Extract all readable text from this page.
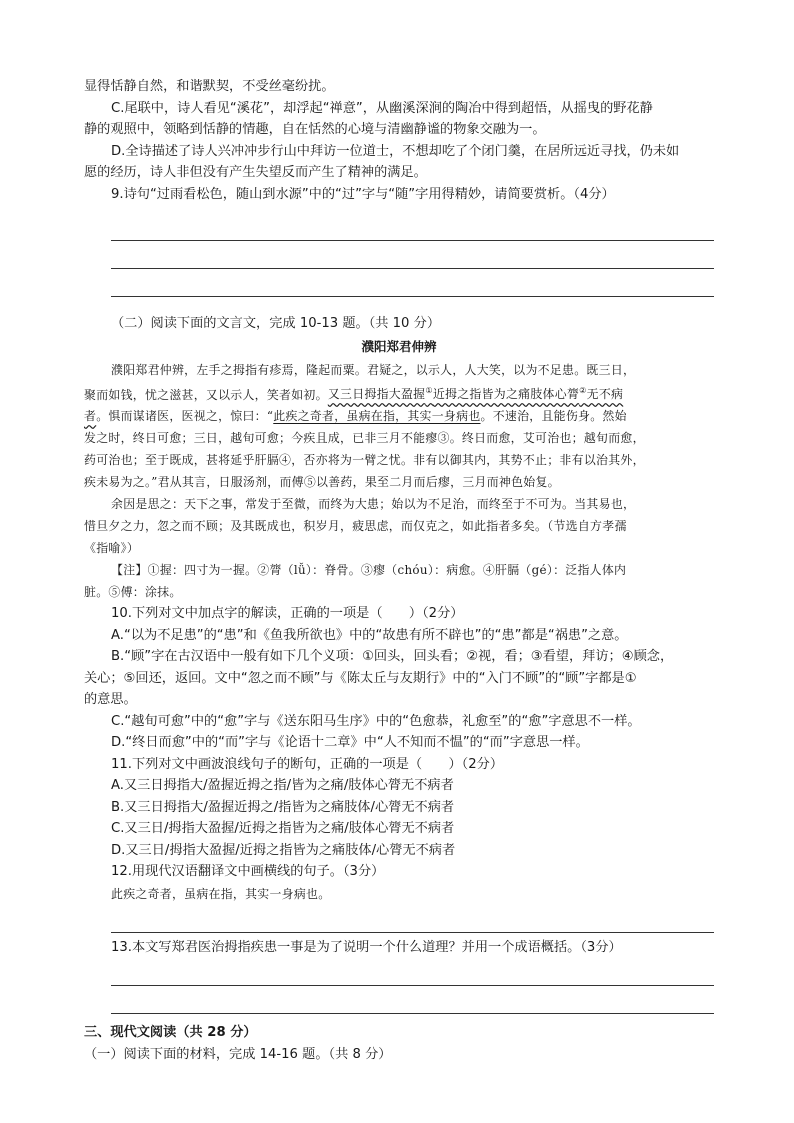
显得恬静自然，和谐默契，不受丝毫纷扰。

C.尾联中，诗人看见“溪花”，却浮起“禅意”，从幽溪深涧的陶冶中得到超悟，从摇曳的野花静

静的观照中，领略到恬静的情趣，自在恬然的心境与清幽静谧的物象交融为一。

D.全诗描述了诗人兴冲冲步行山中拜访一位道士，不想却吃了个闭门羹，在居所远近寻找，仍未如

愿的经历，诗人非但没有产生失望反而产生了精神的满足。

9.诗句“过雨看松色，随山到水源”中的“过”字与“随”字用得精妙，请简要赏析。（4分）

（二）阅读下面的文言文，完成 10-13 题。（共 10 分）

濮阳郑君伸辨

濮阳郑君仲辨，左手之拇指有疹焉，隆起而粟。君疑之，以示人，人大笑，以为不足患。既三日，

聚而如钱，忧之滋甚，又以示人，笑者如初。又三日拇指大盈握①近拇之指皆为之痛肢体心膂②无不病

者。惧而谋诸医，医视之，惊曰：“此疾之奇者，虽病在指，其实一身病也。不速治，且能伤身。然始

发之时，终日可愈；三日，越旬可愈；今疾且成，已非三月不能瘳③。终日而愈，艾可治也；越旬而愈，

药可治也；至于既成，甚将延乎肝膈④，否亦将为一臂之忧。非有以御其内，其势不止；非有以治其外，

疾未易为之。”君从其言，日服汤剂，而傅⑤以善药，果至二月而后瘳，三月而神色始复。

余因是思之：天下之事，常发于至微，而终为大患；始以为不足治，而终至于不可为。当其易也，

惜旦夕之力，忽之而不顾；及其既成也，积岁月，疲思虑，而仅克之，如此指者多矣。（节选自方孝孺

《指喻》）

【注】①握：四寸为一握。②膂（lǚ）：脊骨。③瘳（chóu）：病愈。④肝膈（gé）：泛指人体内

脏。⑤傅：涂抹。

10.下列对文中加点字的解读，正确的一项是（　　）（2分）

A.“以为不足患”的“患”和《鱼我所欲也》中的“故患有所不辟也”的“患”都是“祸患”之意。

B.“顾”字在古汉语中一般有如下几个义项：①回头，回头看；②视，看；③看望，拜访；④顾念，

关心；⑤回还，返回。文中“忽之而不顾”与《陈太丘与友期行》中的“入门不顾”的“顾”字都是①

的意思。

C.“越旬可愈”中的“愈”字与《送东阳马生序》中的“色愈恭，礼愈至”的“愈”字意思不一样。

D.“终日而愈”中的“而”字与《论语十二章》中“人不知而不愠”的“而”字意思一样。

11.下列对文中画波浪线句子的断句，正确的一项是（　　）（2分）

A.又三日拇指大/盈握近拇之指/皆为之痛/肢体心膂无不病者

B.又三日拇指大/盈握近拇之/指皆为之痛肢体/心膂无不病者

C.又三日/拇指大盈握/近拇之指皆为之痛/肢体心膂无不病者

D.又三日/拇指大盈握/近拇之指皆为之痛肢体/心膂无不病者

12.用现代汉语翻译文中画横线的句子。（3分）

此疾之奇者，虽病在指，其实一身病也。

13.本文写郑君医治拇指疾患一事是为了说明一个什么道理？并用一个成语概括。（3分）

三、现代文阅读（共 28 分）

（一）阅读下面的材料，完成 14-16 题。（共 8 分）
